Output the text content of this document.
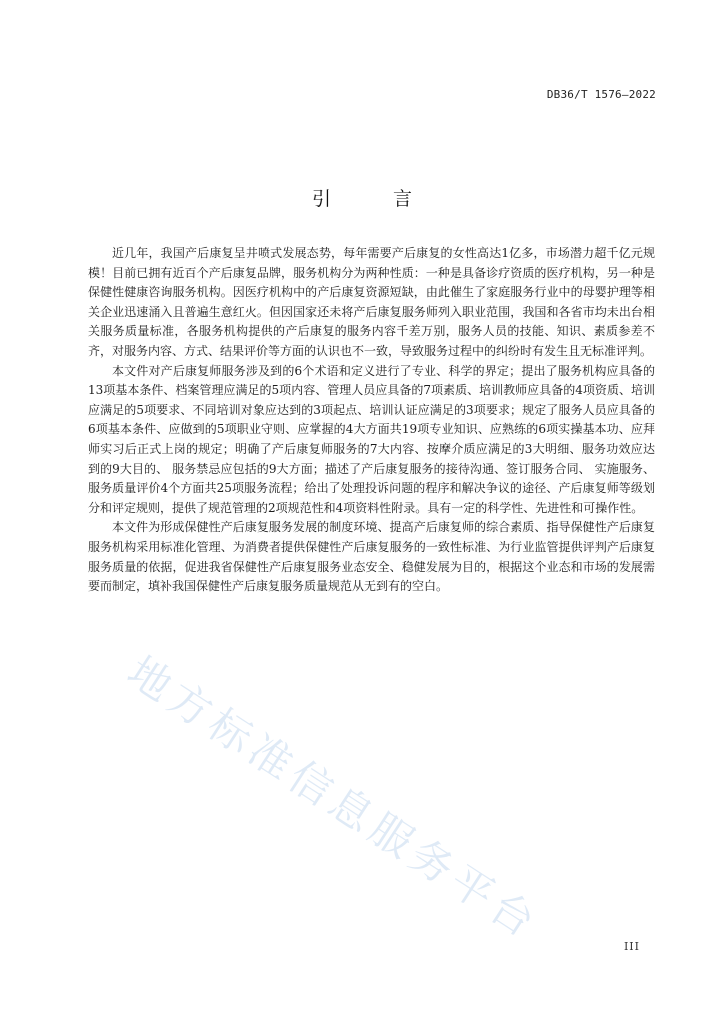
DB36/T 1576—2022
引 言

近几年，我国产后康复呈井喷式发展态势，每年需要产后康复的女性高达1亿多，市场潜力超千亿元规模！目前已拥有近百个产后康复品牌，服务机构分为两种性质：一种是具备诊疗资质的医疗机构，另一种是保健性健康咨询服务机构。因医疗机构中的产后康复资源短缺，由此催生了家庭服务行业中的母婴护理等相关企业迅速涌入且普遍生意红火。但因国家还未将产后康复服务师列入职业范围，我国和各省市均未出台相关服务质量标准，各服务机构提供的产后康复的服务内容千差万别，服务人员的技能、知识、素质参差不齐，对服务内容、方式、结果评价等方面的认识也不一致，导致服务过程中的纠纷时有发生且无标准评判。

本文件对产后康复师服务涉及到的6个术语和定义进行了专业、科学的界定；提出了服务机构应具备的13项基本条件、档案管理应满足的5项内容、管理人员应具备的7项素质、培训教师应具备的4项资质、培训应满足的5项要求、不同培训对象应达到的3项起点、培训认证应满足的3项要求；规定了服务人员应具备的6项基本条件、应做到的5项职业守则、应掌握的4大方面共19项专业知识、应熟练的6项实操基本功、应拜师实习后正式上岗的规定；明确了产后康复师服务的7大内容、按摩介质应满足的3大明细、服务功效应达到的9大目的、 服务禁忌应包括的9大方面；描述了产后康复服务的接待沟通、签订服务合同、 实施服务、服务质量评价4个方面共25项服务流程；给出了处理投诉问题的程序和解决争议的途径、产后康复师等级划分和评定规则，提供了规范管理的2项规范性和4项资料性附录。具有一定的科学性、先进性和可操作性。

本文件为形成保健性产后康复服务发展的制度环境、提高产后康复师的综合素质、指导保健性产后康复服务机构采用标准化管理、为消费者提供保健性产后康复服务的一致性标准、为行业监管提供评判产后康复服务质量的依据，促进我省保健性产后康复服务业态安全、稳健发展为目的，根据这个业态和市场的发展需要而制定，填补我国保健性产后康复服务质量规范从无到有的空白。

地方标准信息服务平台	III
